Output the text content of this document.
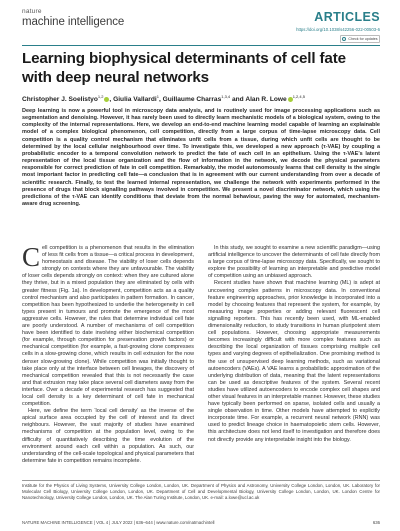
nature
machine intelligence	ARTICLES
https://doi.org/10.1038/s42256-022-00503-6
Check for updates
Learning biophysical determinants of cell fate with deep neural networks
Christopher J. Soelistyo$^{1,2}$ , Giulia Vallardi$^1$, Guillaume Charras$^{1,3,4}$ and Alan R. Lowe $^{1,2,4,5}$

Deep learning is now a powerful tool in microscopy data analysis, and is routinely used for image processing applications such as segmentation and denoising. However, it has rarely been used to directly learn mechanistic models of a biological system, owing to the complexity of the internal representations. Here, we develop an end-to-end machine learning model capable of learning an explainable model of a complex biological phenomenon, cell competition, directly from a large corpus of time-lapse microscopy data. Cell competition is a quality control mechanism that eliminates unfit cells from a tissue, during which unfit cells are thought to be determined by the local cellular neighbourhood over time. To investigate this, we developed a new approach (τ-VAE) by coupling a probabilistic encoder to a temporal convolution network to predict the fate of each cell in an epithelium. Using the τ-VAE’s latent representation of the local tissue organization and the flow of information in the network, we decode the physical parameters responsible for correct prediction of fate in cell competition. Remarkably, the model autonomously learns that cell density is the single most important factor in predicting cell fate—a conclusion that is in agreement with our current understanding from over a decade of scientific research. Finally, to test the learned internal representation, we challenge the network with experiments performed in the presence of drugs that block signalling pathways involved in competition. We present a novel discriminator network, which using the predictions of the τ-VAE can identify conditions that deviate from the normal behaviour, paving the way for automated, mechanism-aware drug screening.

Cell competition is a phenomenon that results in the elimination of less fit cells from a tissue—a critical process in development, homeostasis and disease. The viability of loser cells depends strongly on contexts where they are unfavourable. The viability of loser cells depends strongly on context: when they are cultured alone they thrive, but in a mixed population they are eliminated by cells with greater fitness (Fig. 1a). In development, competition acts as a quality control mechanism and also participates in pattern formation. In cancer, competition has been hypothesized to underlie the heterogeneity in cell types present in tumours and promote the emergence of the most aggressive cells. However, the rules that determine individual cell fate are poorly understood. A number of mechanisms of cell competition have been identified to date involving either biochemical competition (for example, through competition for preservation growth factors) or mechanical competition (for example, a fast-growing clone compresses cells in a slow-growing clone, which results in cell extrusion for the now denser slow-growing clone). While competition was initially thought to take place only at the interface between cell lineages, the discovery of mechanical competition revealed that this is not necessarily the case and that extrusion may take place several cell diameters away from the interface. Over a decade of experimental research has suggested that local cell density is a key determinant of cell fate in mechanical competition.

Here, we define the term ‘local cell density’ as the inverse of the apical surface area occupied by the cell of interest and its direct neighbours. However, the vast majority of studies have examined mechanisms of competition at the population level, owing to the difficulty of quantitatively describing the time evolution of the environment around each cell within a population. As such, our understanding of the cell-scale topological and physical parameters that determine fate in competition remains incomplete.

In this study, we sought to examine a new scientific paradigm—using artificial intelligence to uncover the determinants of cell fate directly from a large corpus of time-lapse microscopy data. Specifically, we sought to explore the possibility of learning an interpretable and predictive model of competition using an unbiased approach.

Recent studies have shown that machine learning (ML) is adept at uncovering complex patterns in microscopy data. In conventional feature engineering approaches, prior knowledge is incorporated into a model by choosing features that represent the system, for example, by measuring image properties or adding relevant fluorescent cell signalling reporters. This has recently been used, with ML-enabled dimensionality reduction, to study transitions in human pluripotent stem cell populations. However, choosing appropriate measurements becomes increasingly difficult with more complex features such as describing the local organization of tissues comprising multiple cell types and varying degrees of epithelialization. One promising method is the use of unsupervised deep learning methods, such as variational autoencoders (VAEs). A VAE learns a probabilistic approximation of the underlying distribution of data, meaning that the latent representations can be used as descriptive features of the system. Several recent studies have utilized autoencoders to encode complex cell shapes and other visual features in an interpretable manner. However, these studies have typically been performed on sparse, isolated cells and usually a single observation in time. Other models have attempted to explicitly incorporate time. For example, a recurrent neural network (RNN) was used to predict lineage choice in haematopoietic stem cells. However, this architecture does not lend itself to investigation and therefore does not directly provide any interpretable insight into the biology.

Institute for the Physics of Living Systems, University College London, London, UK. Department of Physics and Astronomy, University College London, London, UK. Laboratory for Molecular Cell Biology, University College London, London, UK. Department of Cell and Developmental Biology, University College London, London, UK. London Centre for Nanotechnology, University College London, London, UK. The Alan Turing Institute, London, UK. e-mail: a.lowe@ucl.ac.uk

NATURE MACHINE INTELLIGENCE | VOL 4 | JULY 2022 | 636–644 | www.nature.com/natmachintell	636
